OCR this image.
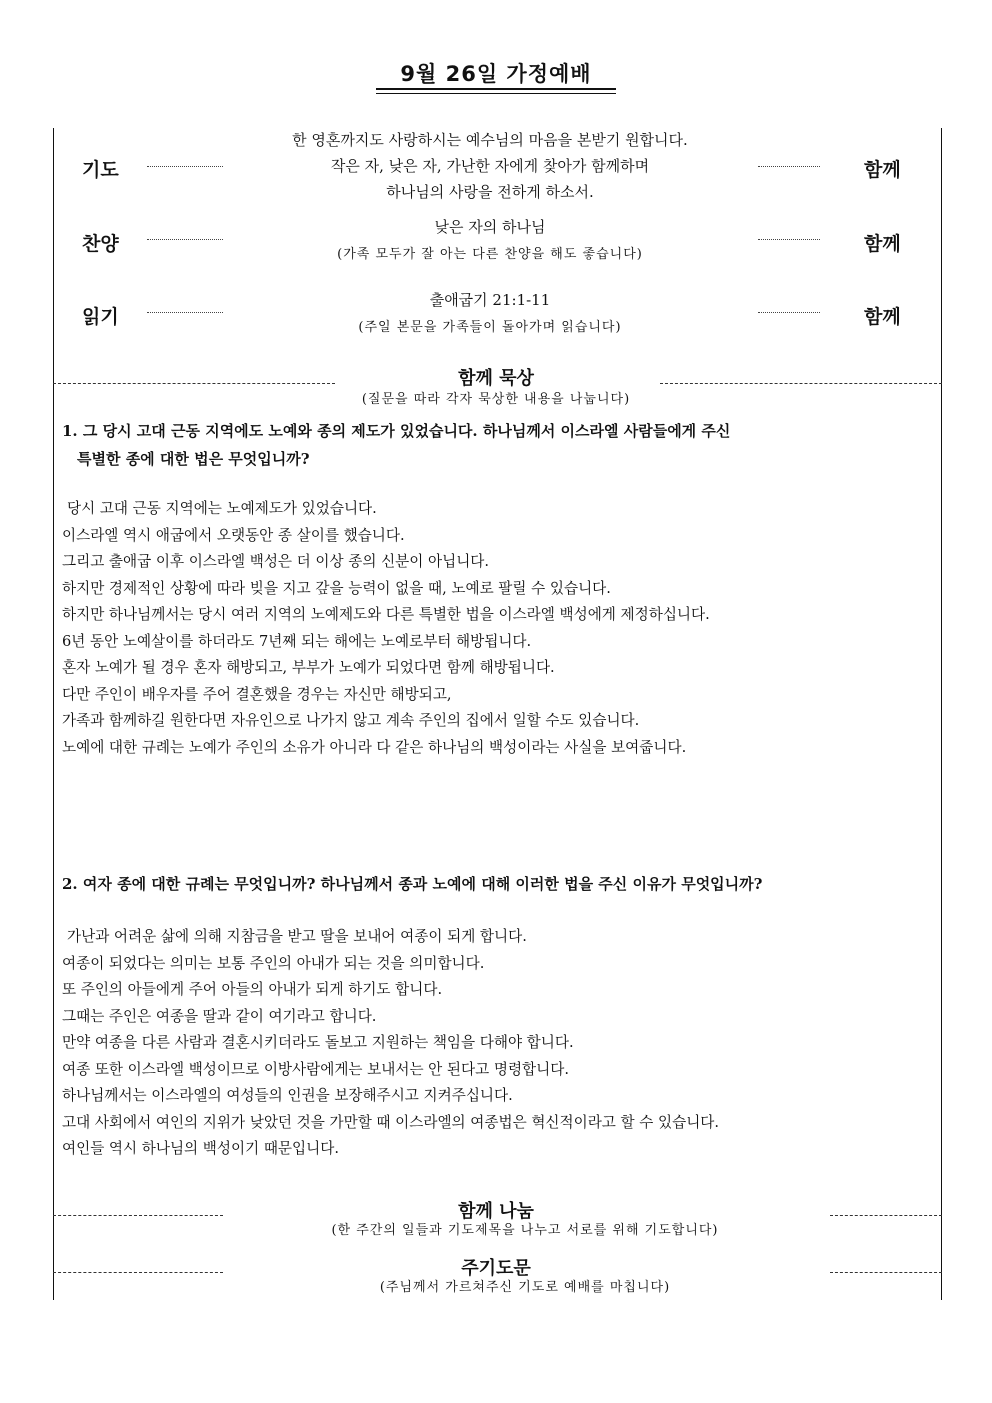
9월 26일 가정예배
기도
한 영혼까지도 사랑하시는 예수님의 마음을 본받기 원합니다.
작은 자, 낮은 자, 가난한 자에게 찾아가 함께하며
하나님의 사랑을 전하게 하소서.
함께
찬양
낮은 자의 하나님
(가족 모두가 잘 아는 다른 찬양을 해도 좋습니다)	함께
읽기
출애굽기 21:1-11
(주일 본문을 가족들이 돌아가며 읽습니다)	함께
함께 묵상
(질문을 따라 각자 묵상한 내용을 나눕니다)
1. 그 당시 고대 근동 지역에도 노예와 종의 제도가 있었습니다. 하나님께서 이스라엘 사람들에게 주신
특별한 종에 대한 법은 무엇입니까?
당시 고대 근동 지역에는 노예제도가 있었습니다.
이스라엘 역시 애굽에서 오랫동안 종 살이를 했습니다.
그리고 출애굽 이후 이스라엘 백성은 더 이상 종의 신분이 아닙니다.
하지만 경제적인 상황에 따라 빚을 지고 갚을 능력이 없을 때, 노예로 팔릴 수 있습니다.
하지만 하나님께서는 당시 여러 지역의 노예제도와 다른 특별한 법을 이스라엘 백성에게 제정하십니다.
6년 동안 노예살이를 하더라도 7년째 되는 해에는 노예로부터 해방됩니다.
혼자 노예가 될 경우 혼자 해방되고, 부부가 노예가 되었다면 함께 해방됩니다.
다만 주인이 배우자를 주어 결혼했을 경우는 자신만 해방되고,
가족과 함께하길 원한다면 자유인으로 나가지 않고 계속 주인의 집에서 일할 수도 있습니다.
노예에 대한 규례는 노예가 주인의 소유가 아니라 다 같은 하나님의 백성이라는 사실을 보여줍니다.
2. 여자 종에 대한 규례는 무엇입니까? 하나님께서 종과 노예에 대해 이러한 법을 주신 이유가 무엇입니까?
가난과 어려운 삶에 의해 지참금을 받고 딸을 보내어 여종이 되게 합니다.
여종이 되었다는 의미는 보통 주인의 아내가 되는 것을 의미합니다.
또 주인의 아들에게 주어 아들의 아내가 되게 하기도 합니다.
그때는 주인은 여종을 딸과 같이 여기라고 합니다.
만약 여종을 다른 사람과 결혼시키더라도 돌보고 지원하는 책임을 다해야 합니다.
여종 또한 이스라엘 백성이므로 이방사람에게는 보내서는 안 된다고 명령합니다.
하나님께서는 이스라엘의 여성들의 인권을 보장해주시고 지켜주십니다.
고대 사회에서 여인의 지위가 낮았던 것을 가만할 때 이스라엘의 여종법은 혁신적이라고 할 수 있습니다.
여인들 역시 하나님의 백성이기 때문입니다.
함께 나눔
(한 주간의 일들과 기도제목을 나누고 서로를 위해 기도합니다)
주기도문
(주님께서 가르쳐주신 기도로 예배를 마칩니다)
